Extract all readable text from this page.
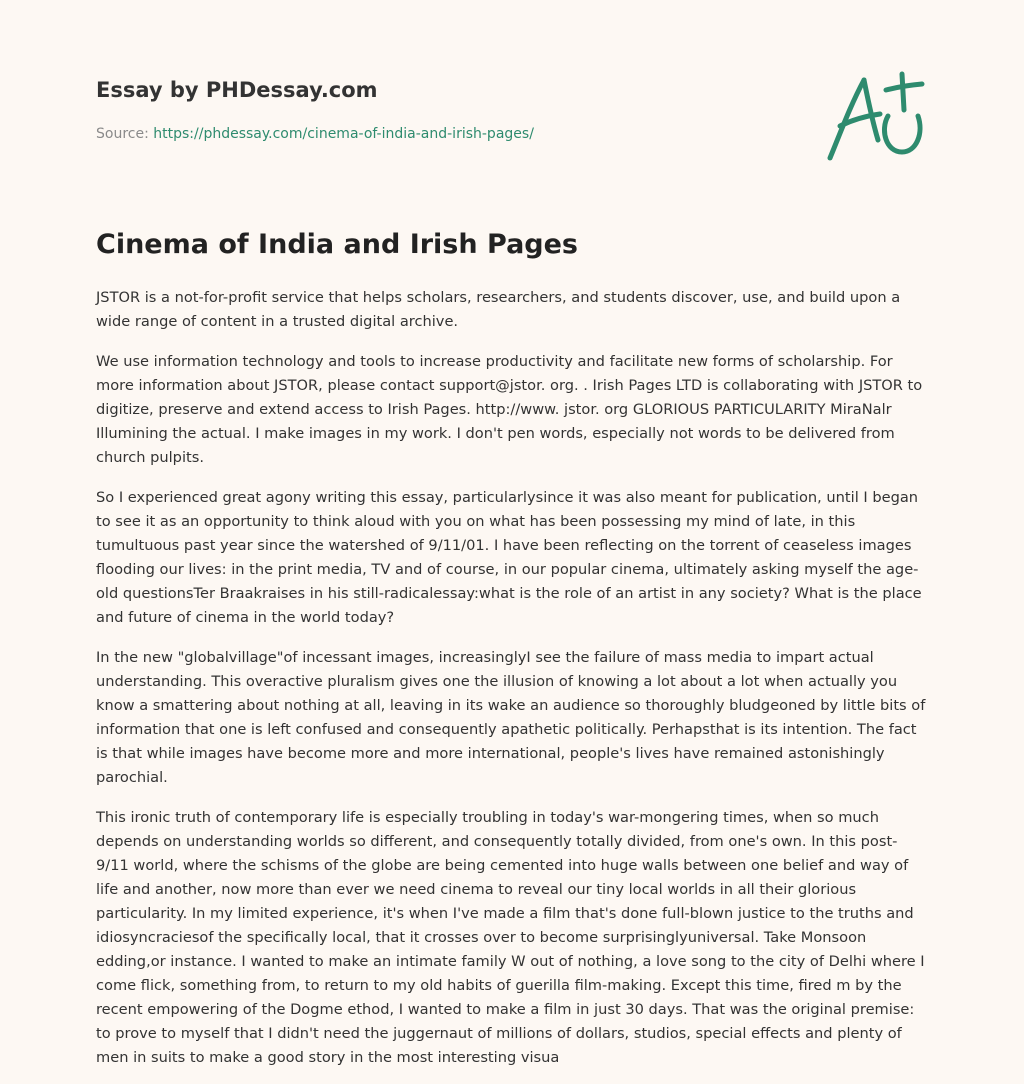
Essay by PHDessay.com
Source: https://phdessay.com/cinema-of-india-and-irish-pages/
Cinema of India and Irish Pages

JSTOR is a not-for-profit service that helps scholars, researchers, and students discover, use, and build upon a wide range of content in a trusted digital archive.

We use information technology and tools to increase productivity and facilitate new forms of scholarship. For more information about JSTOR, please contact support@jstor. org. . Irish Pages LTD is collaborating with JSTOR to digitize, preserve and extend access to Irish Pages. http://www. jstor. org GLORIOUS PARTICULARITY MiraNalr Illumining the actual. I make images in my work. I don't pen words, especially not words to be delivered from church pulpits.

So I experienced great agony writing this essay, particularlysince it was also meant for publication, until I began to see it as an opportunity to think aloud with you on what has been possessing my mind of late, in this tumultuous past year since the watershed of 9/11/01. I have been reflecting on the torrent of ceaseless images flooding our lives: in the print media, TV and of course, in our popular cinema, ultimately asking myself the age-old questionsTer Braakraises in his still-radicalessay:what is the role of an artist in any society? What is the place and future of cinema in the world today?

In the new "globalvillage"of incessant images, increasinglyI see the failure of mass media to impart actual understanding. This overactive pluralism gives one the illusion of knowing a lot about a lot when actually you know a smattering about nothing at all, leaving in its wake an audience so thoroughly bludgeoned by little bits of information that one is left confused and consequently apathetic politically. Perhapsthat is its intention. The fact is that while images have become more and more international, people's lives have remained astonishingly parochial.

This ironic truth of contemporary life is especially troubling in today's war-mongering times, when so much depends on understanding worlds so different, and consequently totally divided, from one's own. In this post-9/11 world, where the schisms of the globe are being cemented into huge walls between one belief and way of life and another, now more than ever we need cinema to reveal our tiny local worlds in all their glorious particularity. In my limited experience, it's when I've made a film that's done full-blown justice to the truths and idiosyncraciesof the specifically local, that it crosses over to become surprisinglyuniversal. Take Monsoon edding,or instance. I wanted to make an intimate family W out of nothing, a love song to the city of Delhi where I come flick, something from, to return to my old habits of guerilla film-making. Except this time, fired m by the recent empowering of the Dogme ethod, I wanted to make a film in just 30 days. That was the original premise: to prove to myself that I didn't need the juggernaut of millions of dollars, studios, special effects and plenty of men in suits to make a good story in the most interesting visua
